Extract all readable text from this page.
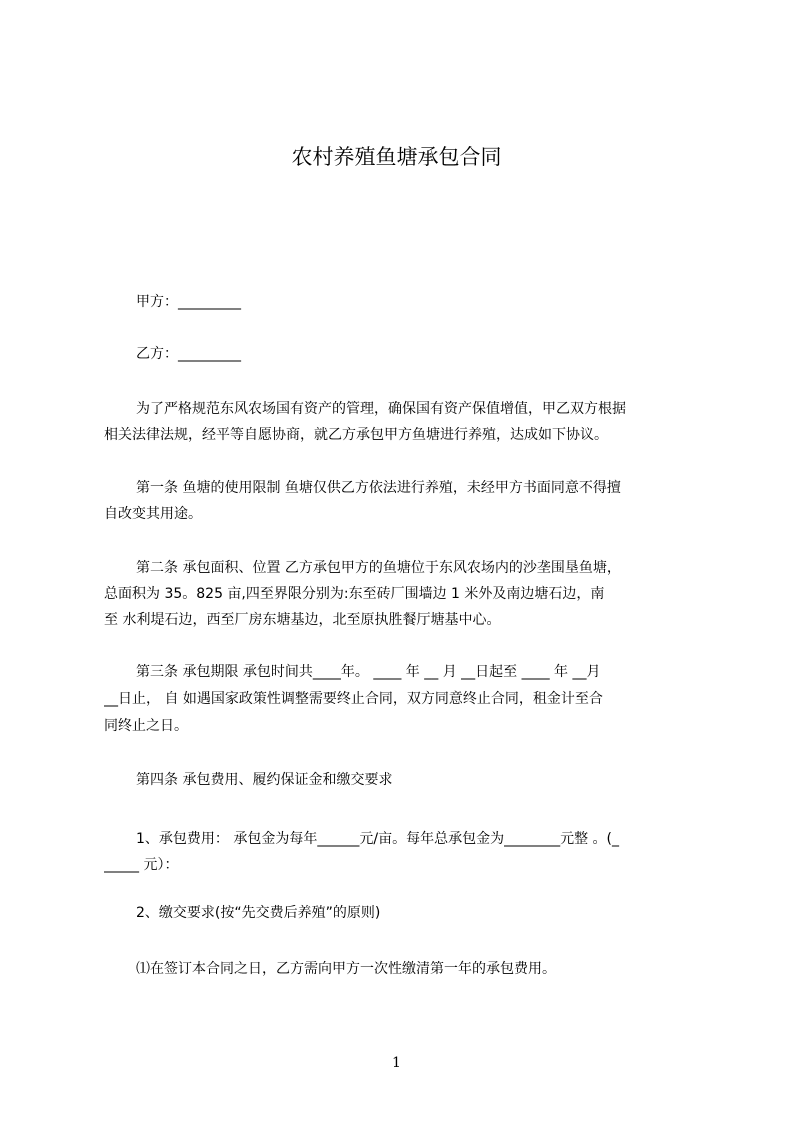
农村养殖鱼塘承包合同
甲方：_________
乙方：_________
为了严格规范东风农场国有资产的管理，确保国有资产保值增值，甲乙双方根据
相关法律法规，经平等自愿协商，就乙方承包甲方鱼塘进行养殖，达成如下协议。
第一条 鱼塘的使用限制 鱼塘仅供乙方依法进行养殖，未经甲方书面同意不得擅
自改变其用途。
第二条 承包面积、位置 乙方承包甲方的鱼塘位于东风农场内的沙垄围垦鱼塘，
总面积为 35。825 亩,四至界限分别为:东至砖厂围墙边 1 米外及南边塘石边，南
至 水利堤石边，西至厂房东塘基边，北至原执胜餐厅塘基中心。
第三条 承包期限 承包时间共____年。 ____ 年 __ 月 __日起至 ____ 年 __月
__日止， 自 如遇国家政策性调整需要终止合同，双方同意终止合同，租金计至合
同终止之日。
第四条 承包费用、履约保证金和缴交要求
1、承包费用： 承包金为每年______元/亩。每年总承包金为________元整 。(_
_____ 元）：
2、缴交要求(按“先交费后养殖”的原则)
⑴在签订本合同之日，乙方需向甲方一次性缴清第一年的承包费用。
1
